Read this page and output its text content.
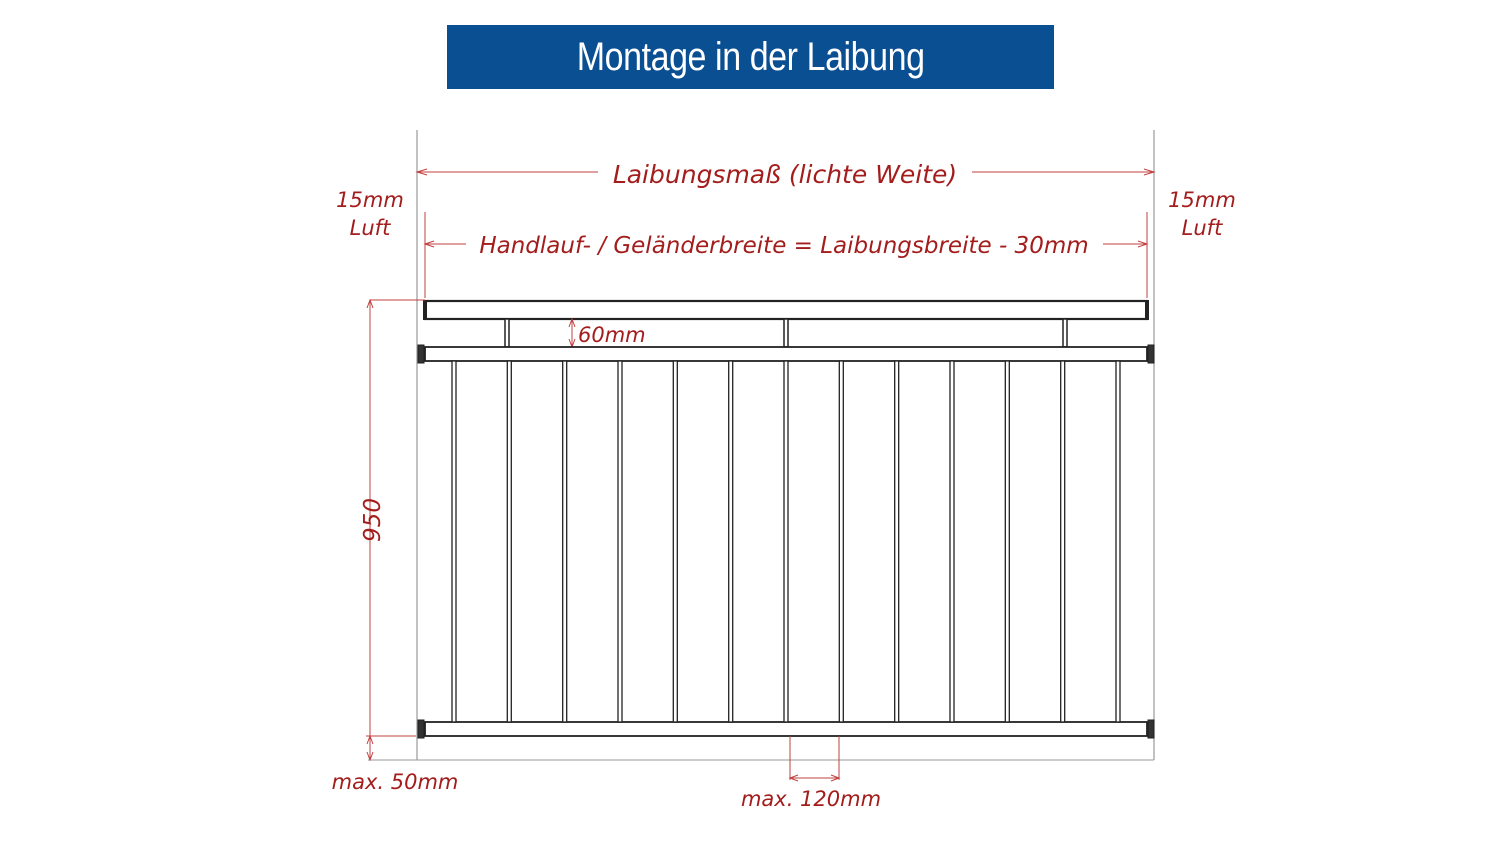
Montage in der Laibung
Laibungsmaß (lichte Weite)
Handlauf- / Geländerbreite = Laibungsbreite - 30mm
15mm
Luft
15mm
Luft
60mm
950
max. 50mm
max. 120mm
